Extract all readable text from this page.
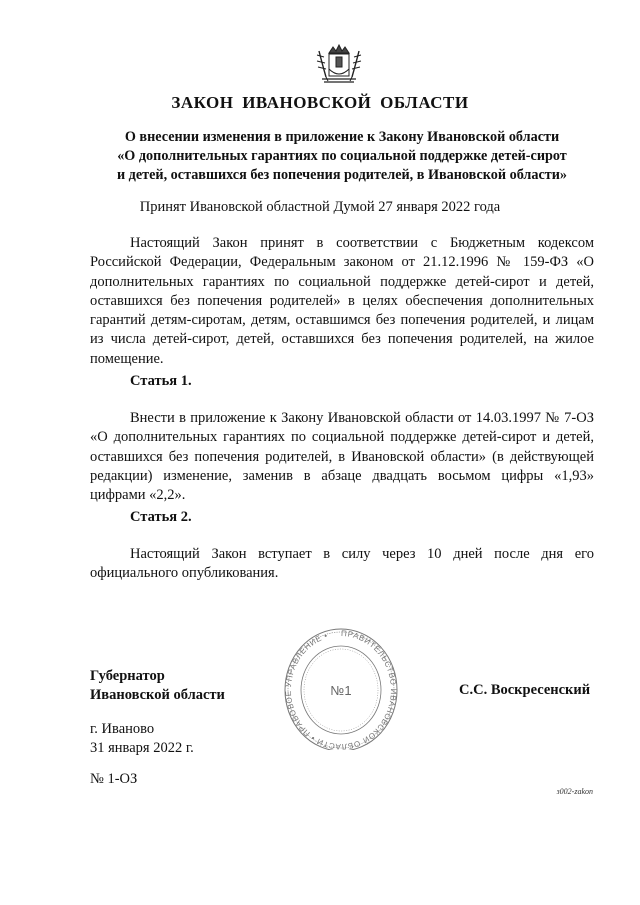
ЗАКОН ИВАНОВСКОЙ ОБЛАСТИ
О внесении изменения в приложение к Закону Ивановской области
«О дополнительных гарантиях по социальной поддержке детей-сирот
и детей, оставшихся без попечения родителей, в Ивановской области»
Принят Ивановской областной Думой 27 января 2022 года

Настоящий Закон принят в соответствии с Бюджетным кодексом Российской Федерации, Федеральным законом от 21.12.1996 № 159-ФЗ «О дополнительных гарантиях по социальной поддержке детей-сирот и детей, оставшихся без попечения родителей» в целях обеспечения дополнительных гарантий детям-сиротам, детям, оставшимся без попечения родителей, и лицам из числа детей-сирот, детей, оставшихся без попечения родителей, на жилое помещение.

Статья 1.

Внести в приложение к Закону Ивановской области от 14.03.1997 № 7-ОЗ «О дополнительных гарантиях по социальной поддержке детей-сирот и детей, оставшихся без попечения родителей, в Ивановской области» (в действующей редакции) изменение, заменив в абзаце двадцать восьмом цифры «1,93» цифрами «2,2».

Статья 2.

Настоящий Закон вступает в силу через 10 дней после дня его официального опубликования.

Губернатор
Ивановской области
ПРАВИТЕЛЬСТВО ИВАНОВСКОЙ ОБЛАСТИ • ПРАВОВОЕ УПРАВЛЕНИЕ •
№1	С.С. Воскресенский
г. Иваново
31 января 2022 г.
№ 1-ОЗ
з002-zakon
